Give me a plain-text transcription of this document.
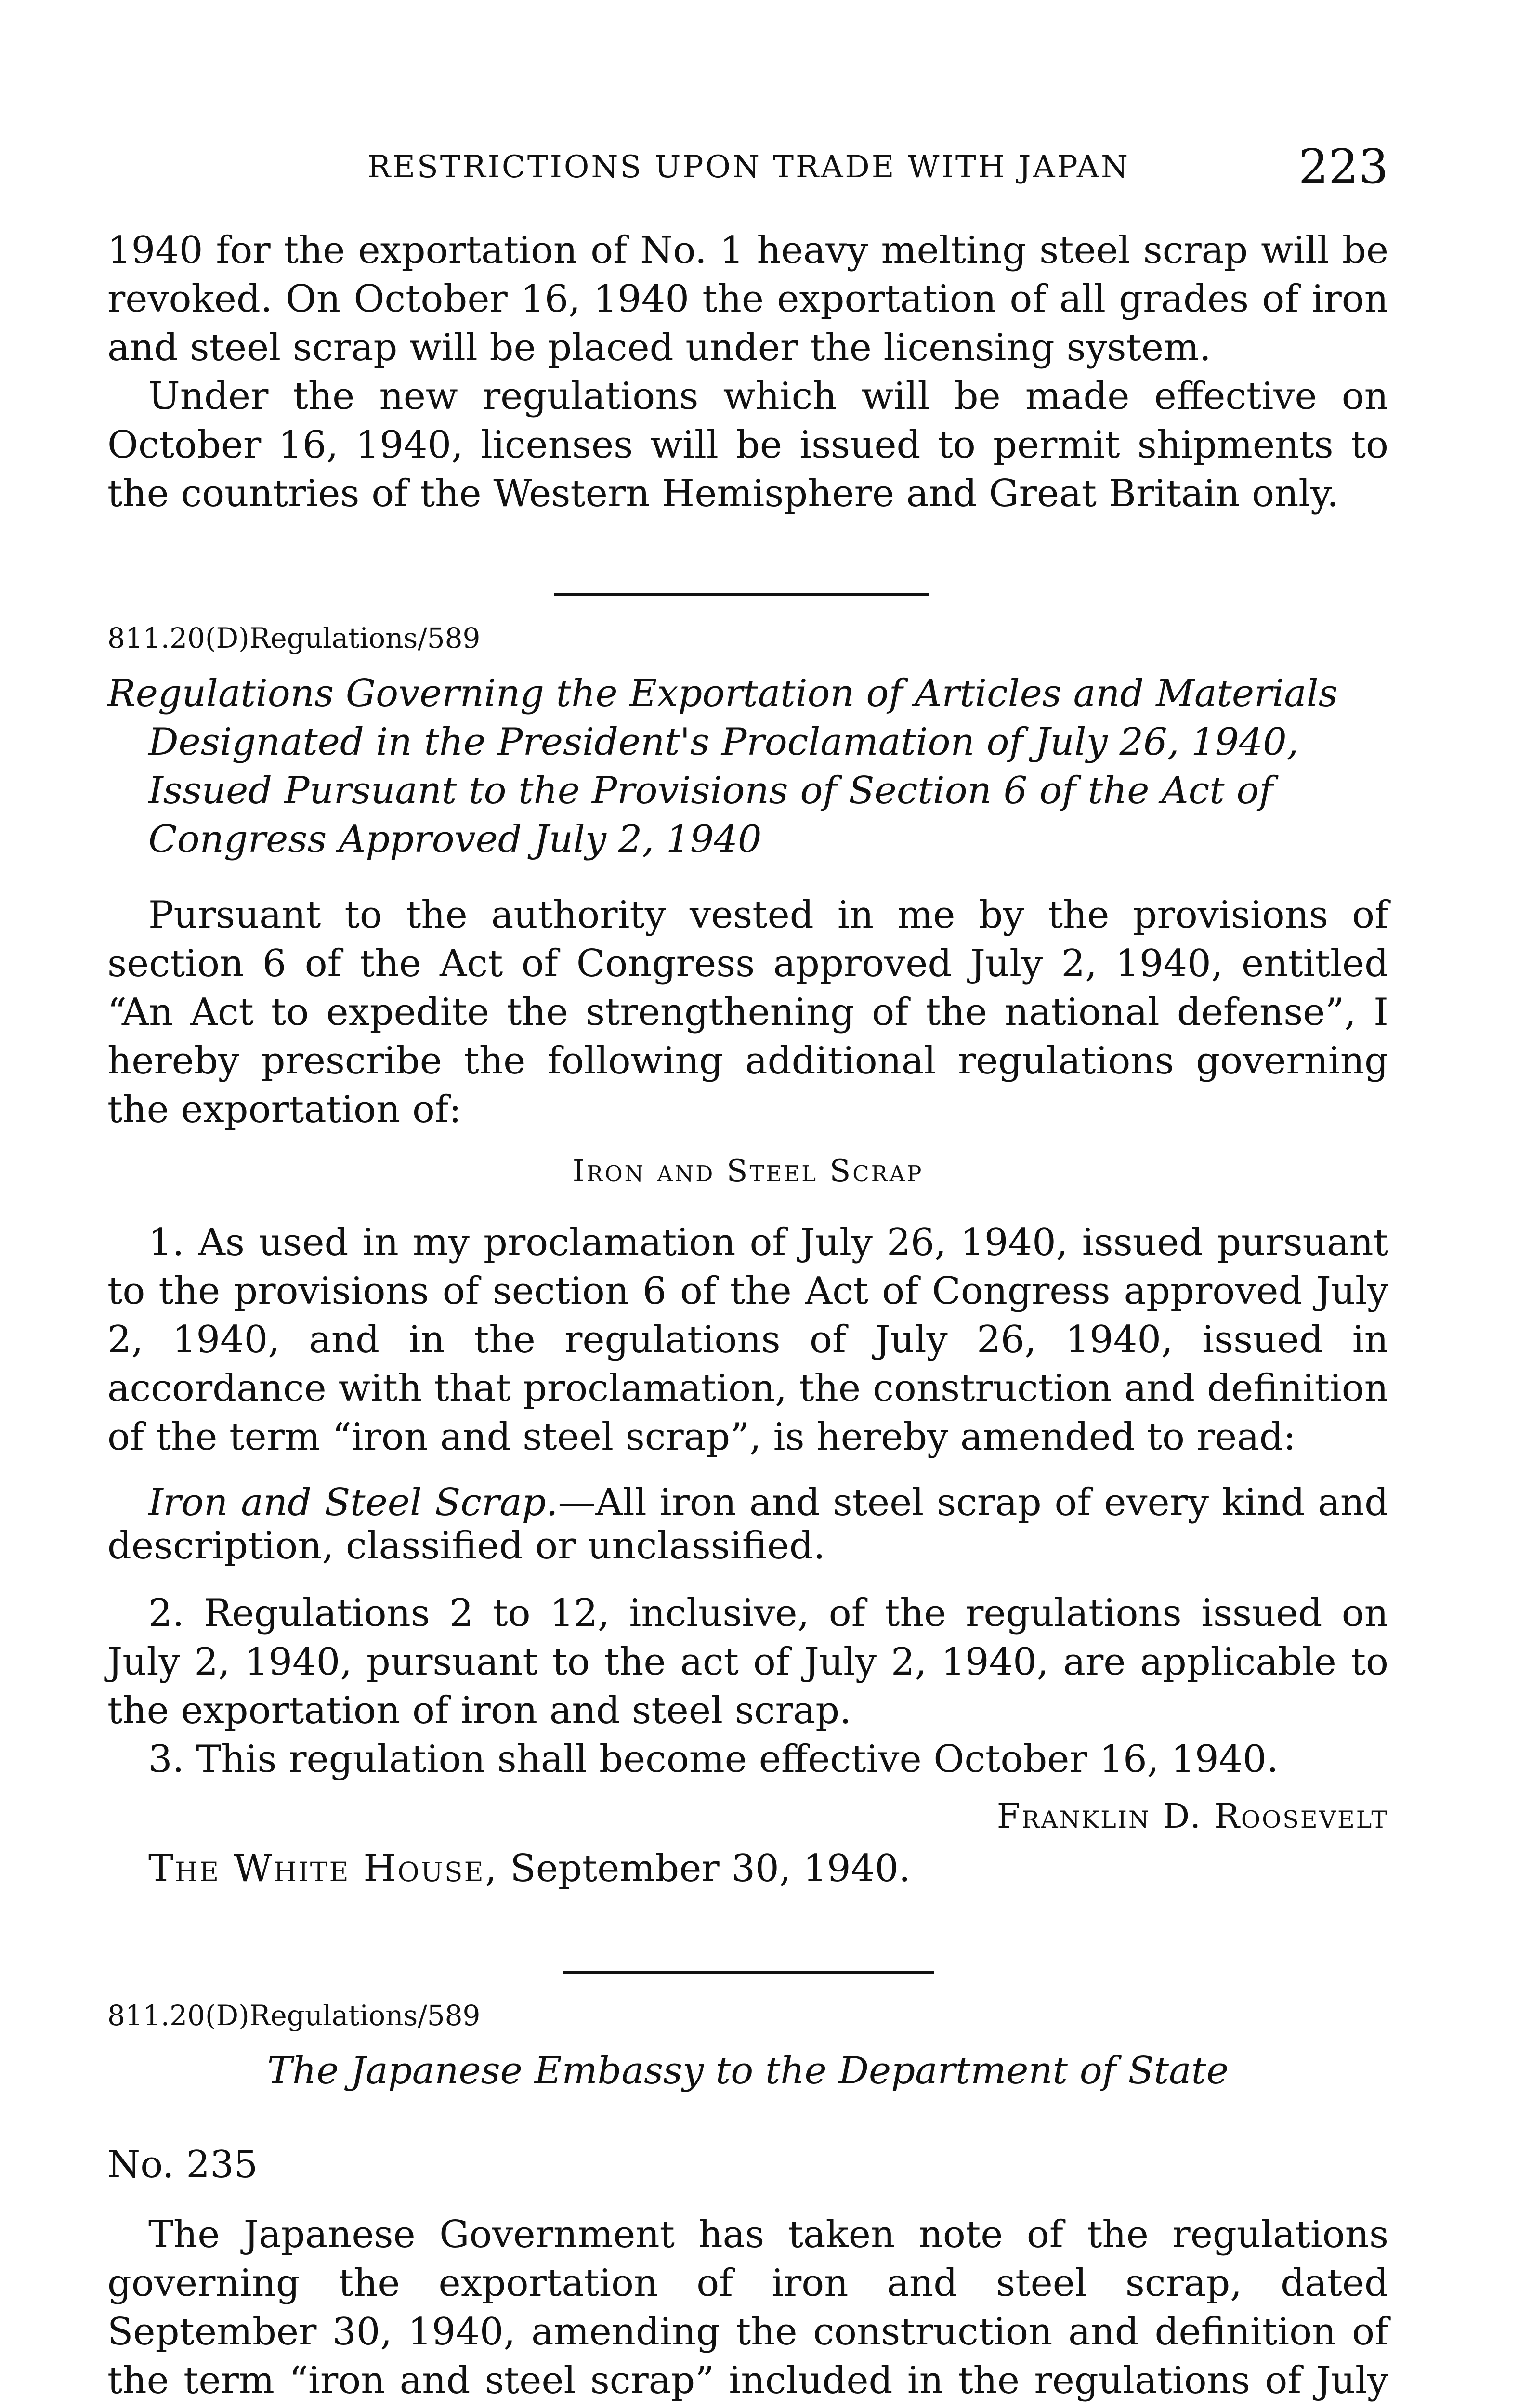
RESTRICTIONS UPON TRADE WITH JAPAN	223

1940 for the exportation of No. 1 heavy melting steel scrap will be revoked. On October 16, 1940 the exportation of all grades of iron and steel scrap will be placed under the licensing system.

Under the new regulations which will be made effective on October 16, 1940, licenses will be issued to permit shipments to the countries of the Western Hemisphere and Great Britain only.

811.20(D)Regulations/589

Regulations Governing the Exportation of Articles and Materials Designated in the President's Proclamation of July 26, 1940, Issued Pursuant to the Provisions of Section 6 of the Act of Congress Approved July 2, 1940

Pursuant to the authority vested in me by the provisions of section 6 of the Act of Congress approved July 2, 1940, entitled “An Act to expedite the strengthening of the national defense”, I hereby prescribe the following additional regulations governing the exportation of:

Iron and Steel Scrap

1. As used in my proclamation of July 26, 1940, issued pursuant to the provisions of section 6 of the Act of Congress approved July 2, 1940, and in the regulations of July 26, 1940, issued in accordance with that proclamation, the construction and definition of the term “iron and steel scrap”, is hereby amended to read:

Iron and Steel Scrap.—All iron and steel scrap of every kind and description, classified or unclassified.

2. Regulations 2 to 12, inclusive, of the regulations issued on July 2, 1940, pursuant to the act of July 2, 1940, are applicable to the exportation of iron and steel scrap.

3. This regulation shall become effective October 16, 1940.

Franklin D. Roosevelt
The White House, September 30, 1940.
811.20(D)Regulations/589

The Japanese Embassy to the Department of State

No. 235

The Japanese Government has taken note of the regulations governing the exportation of iron and steel scrap, dated September 30, 1940, amending the construction and definition of the term “iron and steel scrap” included in the regulations of July
